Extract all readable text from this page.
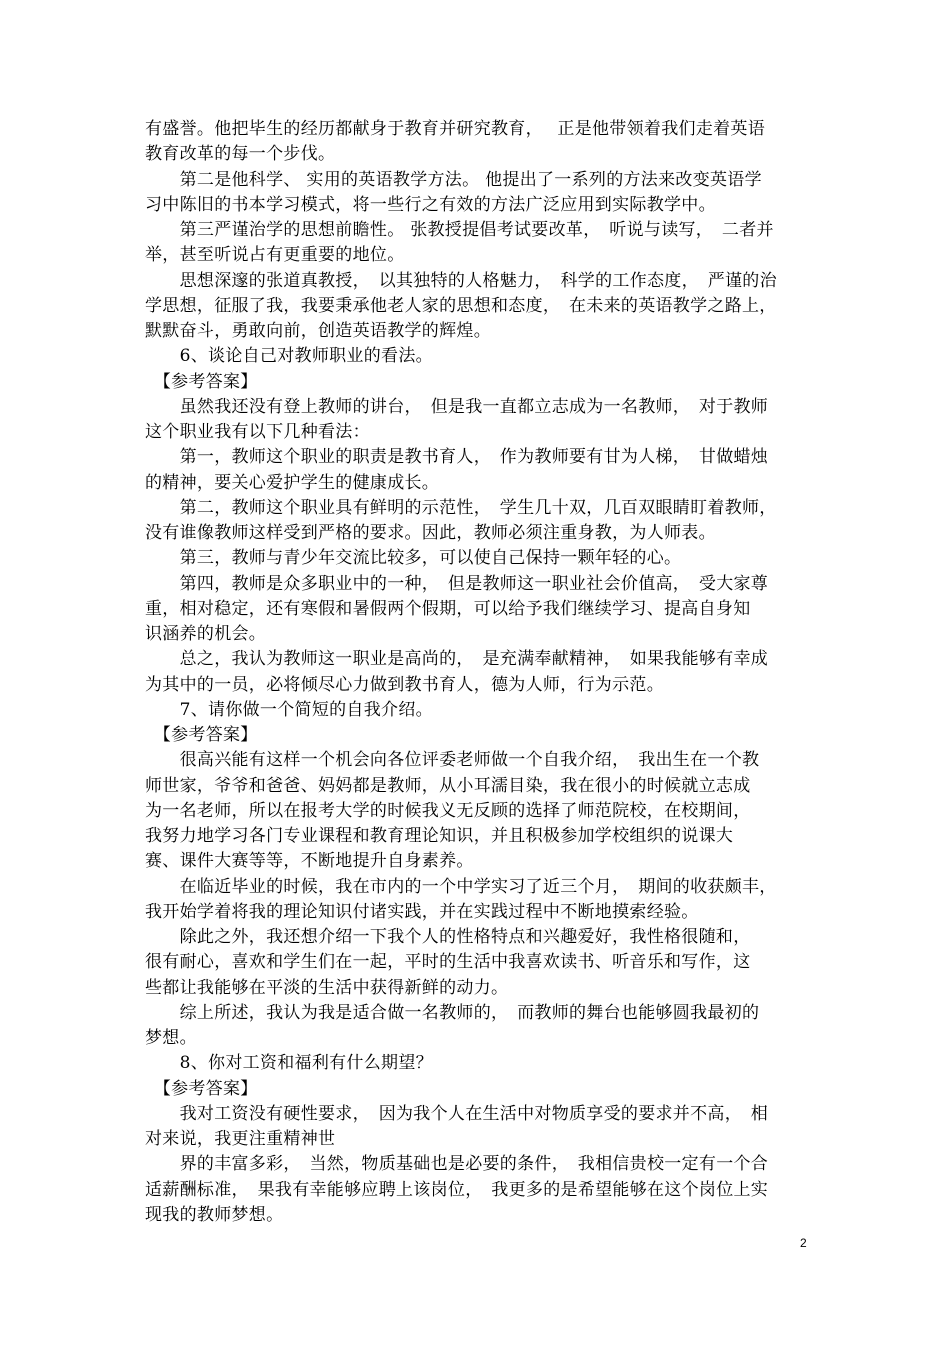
有盛誉。他把毕生的经历都献身于教育并研究教育，　 正是他带领着我们走着英语
教育改革的每一个步伐。
　　第二是他科学、 实用的英语教学方法。 他提出了一系列的方法来改变英语学
习中陈旧的书本学习模式，将一些行之有效的方法广泛应用到实际教学中。
　　第三严谨治学的思想前瞻性。 张教授提倡考试要改革，　听说与读写，　二者并
举，甚至听说占有更重要的地位。
　　思想深邃的张道真教授，　以其独特的人格魅力，　科学的工作态度，　严谨的治
学思想，征服了我，我要秉承他老人家的思想和态度，　在未来的英语教学之路上，
默默奋斗，勇敢向前，创造英语教学的辉煌。
　　6、谈论自己对教师职业的看法。
　【参考答案】
　　虽然我还没有登上教师的讲台，　但是我一直都立志成为一名教师，　对于教师
这个职业我有以下几种看法：
　　第一，教师这个职业的职责是教书育人，　作为教师要有甘为人梯，　甘做蜡烛
的精神，要关心爱护学生的健康成长。
　　第二，教师这个职业具有鲜明的示范性，　学生几十双，几百双眼睛盯着教师，
没有谁像教师这样受到严格的要求。因此，教师必须注重身教，为人师表。
　　第三，教师与青少年交流比较多，可以使自己保持一颗年轻的心。
　　第四，教师是众多职业中的一种，　但是教师这一职业社会价值高，　受大家尊
重，相对稳定，还有寒假和暑假两个假期，可以给予我们继续学习、提高自身知
识涵养的机会。
　　总之，我认为教师这一职业是高尚的，　是充满奉献精神，　如果我能够有幸成
为其中的一员，必将倾尽心力做到教书育人，德为人师，行为示范。
　　7、请你做一个简短的自我介绍。
　【参考答案】
　　很高兴能有这样一个机会向各位评委老师做一个自我介绍，　我出生在一个教
师世家，爷爷和爸爸、妈妈都是教师，从小耳濡目染，我在很小的时候就立志成
为一名老师，所以在报考大学的时候我义无反顾的选择了师范院校，在校期间，
我努力地学习各门专业课程和教育理论知识，并且积极参加学校组织的说课大
赛、课件大赛等等，不断地提升自身素养。
　　在临近毕业的时候，我在市内的一个中学实习了近三个月，　期间的收获颇丰，
我开始学着将我的理论知识付诸实践，并在实践过程中不断地摸索经验。
　　除此之外，我还想介绍一下我个人的性格特点和兴趣爱好，我性格很随和，
很有耐心，喜欢和学生们在一起，平时的生活中我喜欢读书、听音乐和写作，这
些都让我能够在平淡的生活中获得新鲜的动力。
　　综上所述，我认为我是适合做一名教师的，　而教师的舞台也能够圆我最初的
梦想。
　　8、你对工资和福利有什么期望？
　【参考答案】
　　我对工资没有硬性要求，　因为我个人在生活中对物质享受的要求并不高，　相
对来说，我更注重精神世
　　界的丰富多彩，　当然，物质基础也是必要的条件，　我相信贵校一定有一个合
适薪酬标准，　果我有幸能够应聘上该岗位，　我更多的是希望能够在这个岗位上实
现我的教师梦想。
2
